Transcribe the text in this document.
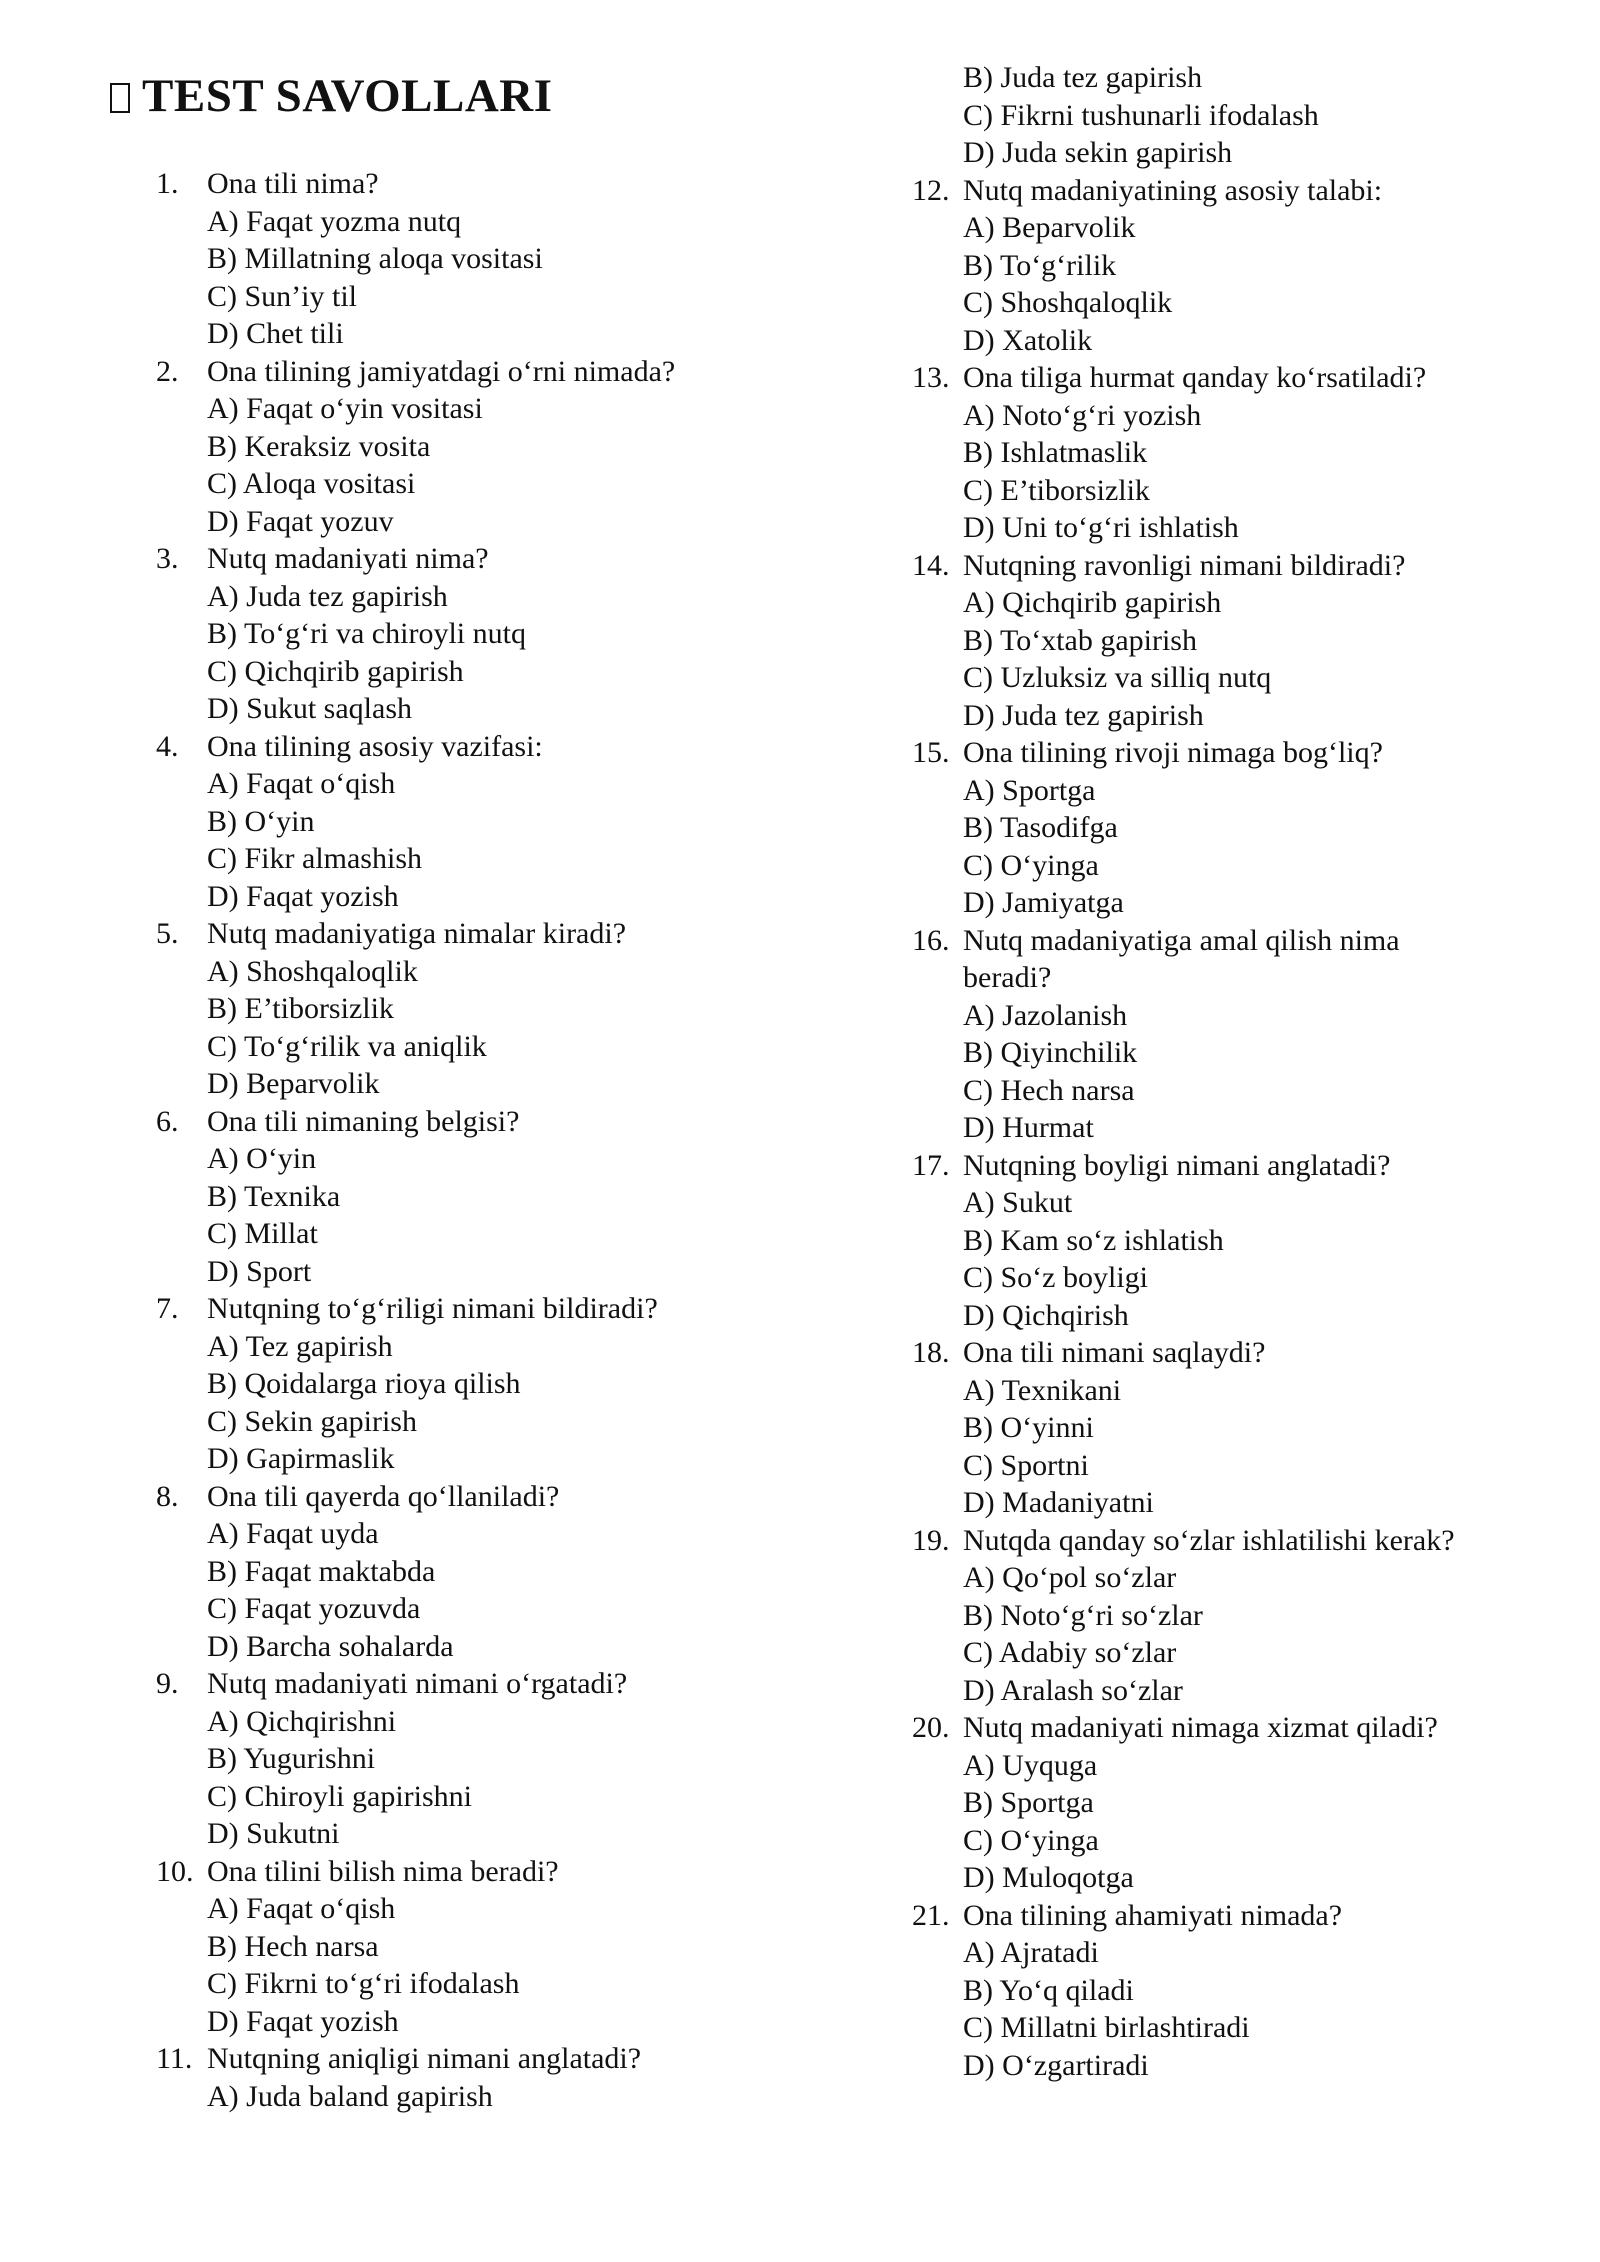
TEST SAVOLLARI
1. Ona tili nima?
A) Faqat yozma nutq
B) Millatning aloqa vositasi
C) Sun’iy til
D) Chet tili
2. Ona tilining jamiyatdagi o‘rni nimada?
A) Faqat o‘yin vositasi
B) Keraksiz vosita
C) Aloqa vositasi
D) Faqat yozuv
3. Nutq madaniyati nima?
A) Juda tez gapirish
B) To‘g‘ri va chiroyli nutq
C) Qichqirib gapirish
D) Sukut saqlash
4. Ona tilining asosiy vazifasi:
A) Faqat o‘qish
B) O‘yin
C) Fikr almashish
D) Faqat yozish
5. Nutq madaniyatiga nimalar kiradi?
A) Shoshqaloqlik
B) E’tiborsizlik
C) To‘g‘rilik va aniqlik
D) Beparvolik
6. Ona tili nimaning belgisi?
A) O‘yin
B) Texnika
C) Millat
D) Sport
7. Nutqning to‘g‘riligi nimani bildiradi?
A) Tez gapirish
B) Qoidalarga rioya qilish
C) Sekin gapirish
D) Gapirmaslik
8. Ona tili qayerda qo‘llaniladi?
A) Faqat uyda
B) Faqat maktabda
C) Faqat yozuvda
D) Barcha sohalarda
9. Nutq madaniyati nimani o‘rgatadi?
A) Qichqirishni
B) Yugurishni
C) Chiroyli gapirishni
D) Sukutni
10. Ona tilini bilish nima beradi?
A) Faqat o‘qish
B) Hech narsa
C) Fikrni to‘g‘ri ifodalash
D) Faqat yozish
11. Nutqning aniqligi nimani anglatadi?
A) Juda baland gapirish
B) Juda tez gapirish
C) Fikrni tushunarli ifodalash
D) Juda sekin gapirish
12. Nutq madaniyatining asosiy talabi:
A) Beparvolik
B) To‘g‘rilik
C) Shoshqaloqlik
D) Xatolik
13. Ona tiliga hurmat qanday ko‘rsatiladi?
A) Noto‘g‘ri yozish
B) Ishlatmaslik
C) E’tiborsizlik
D) Uni to‘g‘ri ishlatish
14. Nutqning ravonligi nimani bildiradi?
A) Qichqirib gapirish
B) To‘xtab gapirish
C) Uzluksiz va silliq nutq
D) Juda tez gapirish
15. Ona tilining rivoji nimaga bog‘liq?
A) Sportga
B) Tasodifga
C) O‘yinga
D) Jamiyatga
16. Nutq madaniyatiga amal qilish nima
beradi?
A) Jazolanish
B) Qiyinchilik
C) Hech narsa
D) Hurmat
17. Nutqning boyligi nimani anglatadi?
A) Sukut
B) Kam so‘z ishlatish
C) So‘z boyligi
D) Qichqirish
18. Ona tili nimani saqlaydi?
A) Texnikani
B) O‘yinni
C) Sportni
D) Madaniyatni
19. Nutqda qanday so‘zlar ishlatilishi kerak?
A) Qo‘pol so‘zlar
B) Noto‘g‘ri so‘zlar
C) Adabiy so‘zlar
D) Aralash so‘zlar
20. Nutq madaniyati nimaga xizmat qiladi?
A) Uyquga
B) Sportga
C) O‘yinga
D) Muloqotga
21. Ona tilining ahamiyati nimada?
A) Ajratadi
B) Yo‘q qiladi
C) Millatni birlashtiradi
D) O‘zgartiradi
